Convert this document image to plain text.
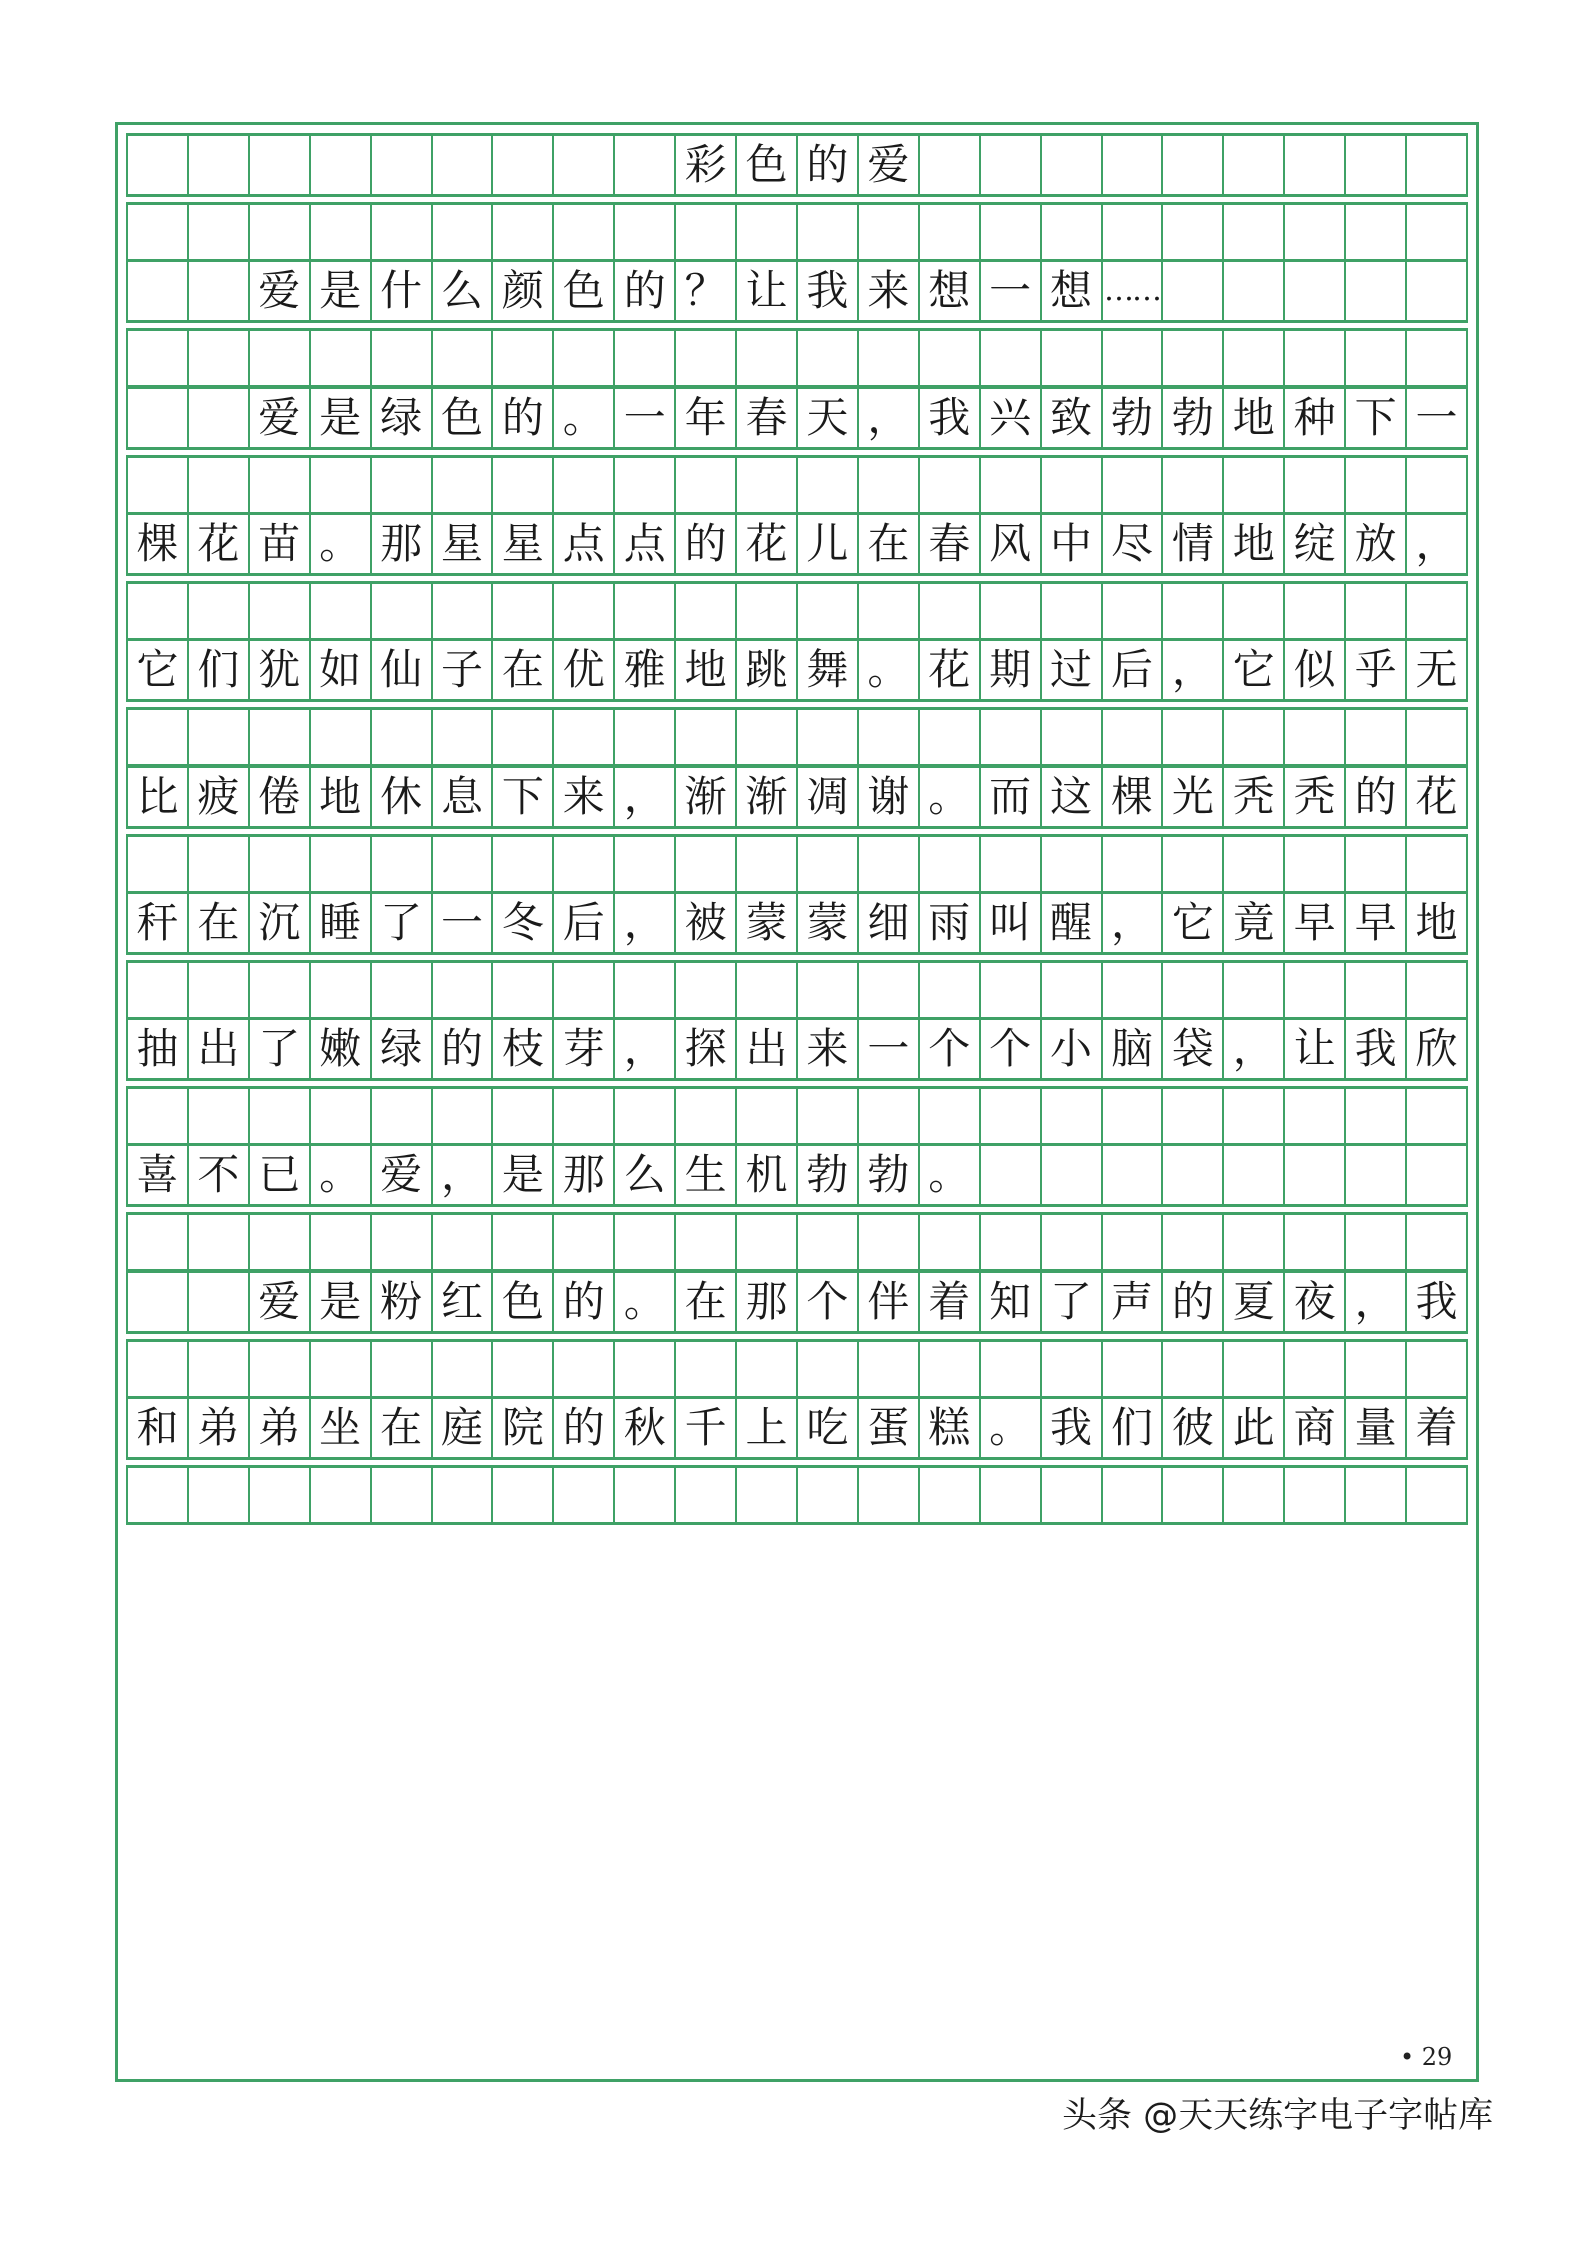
彩 色 的 爱
爱 是 什 么 颜 色 的 ？ 让 我 来 想 一 想 ……
爱 是 绿 色 的 。 一 年 春 天 ， 我 兴 致 勃 勃 地 种 下 一
棵 花 苗 。 那 星 星 点 点 的 花 儿 在 春 风 中 尽 情 地 绽 放 ，
它 们 犹 如 仙 子 在 优 雅 地 跳 舞 。 花 期 过 后 ， 它 似 乎 无
比 疲 倦 地 休 息 下 来 ， 渐 渐 凋 谢 。 而 这 棵 光 秃 秃 的 花
秆 在 沉 睡 了 一 冬 后 ， 被 蒙 蒙 细 雨 叫 醒 ， 它 竟 早 早 地
抽 出 了 嫩 绿 的 枝 芽 ， 探 出 来 一 个 个 小 脑 袋 ， 让 我 欣
喜 不 已 。 爱 ， 是 那 么 生 机 勃 勃 。
爱 是 粉 红 色 的 。 在 那 个 伴 着 知 了 声 的 夏 夜 ， 我
和 弟 弟 坐 在 庭 院 的 秋 千 上 吃 蛋 糕 。 我 们 彼 此 商 量 着
• 29
头条 @天天练字电子字帖库
